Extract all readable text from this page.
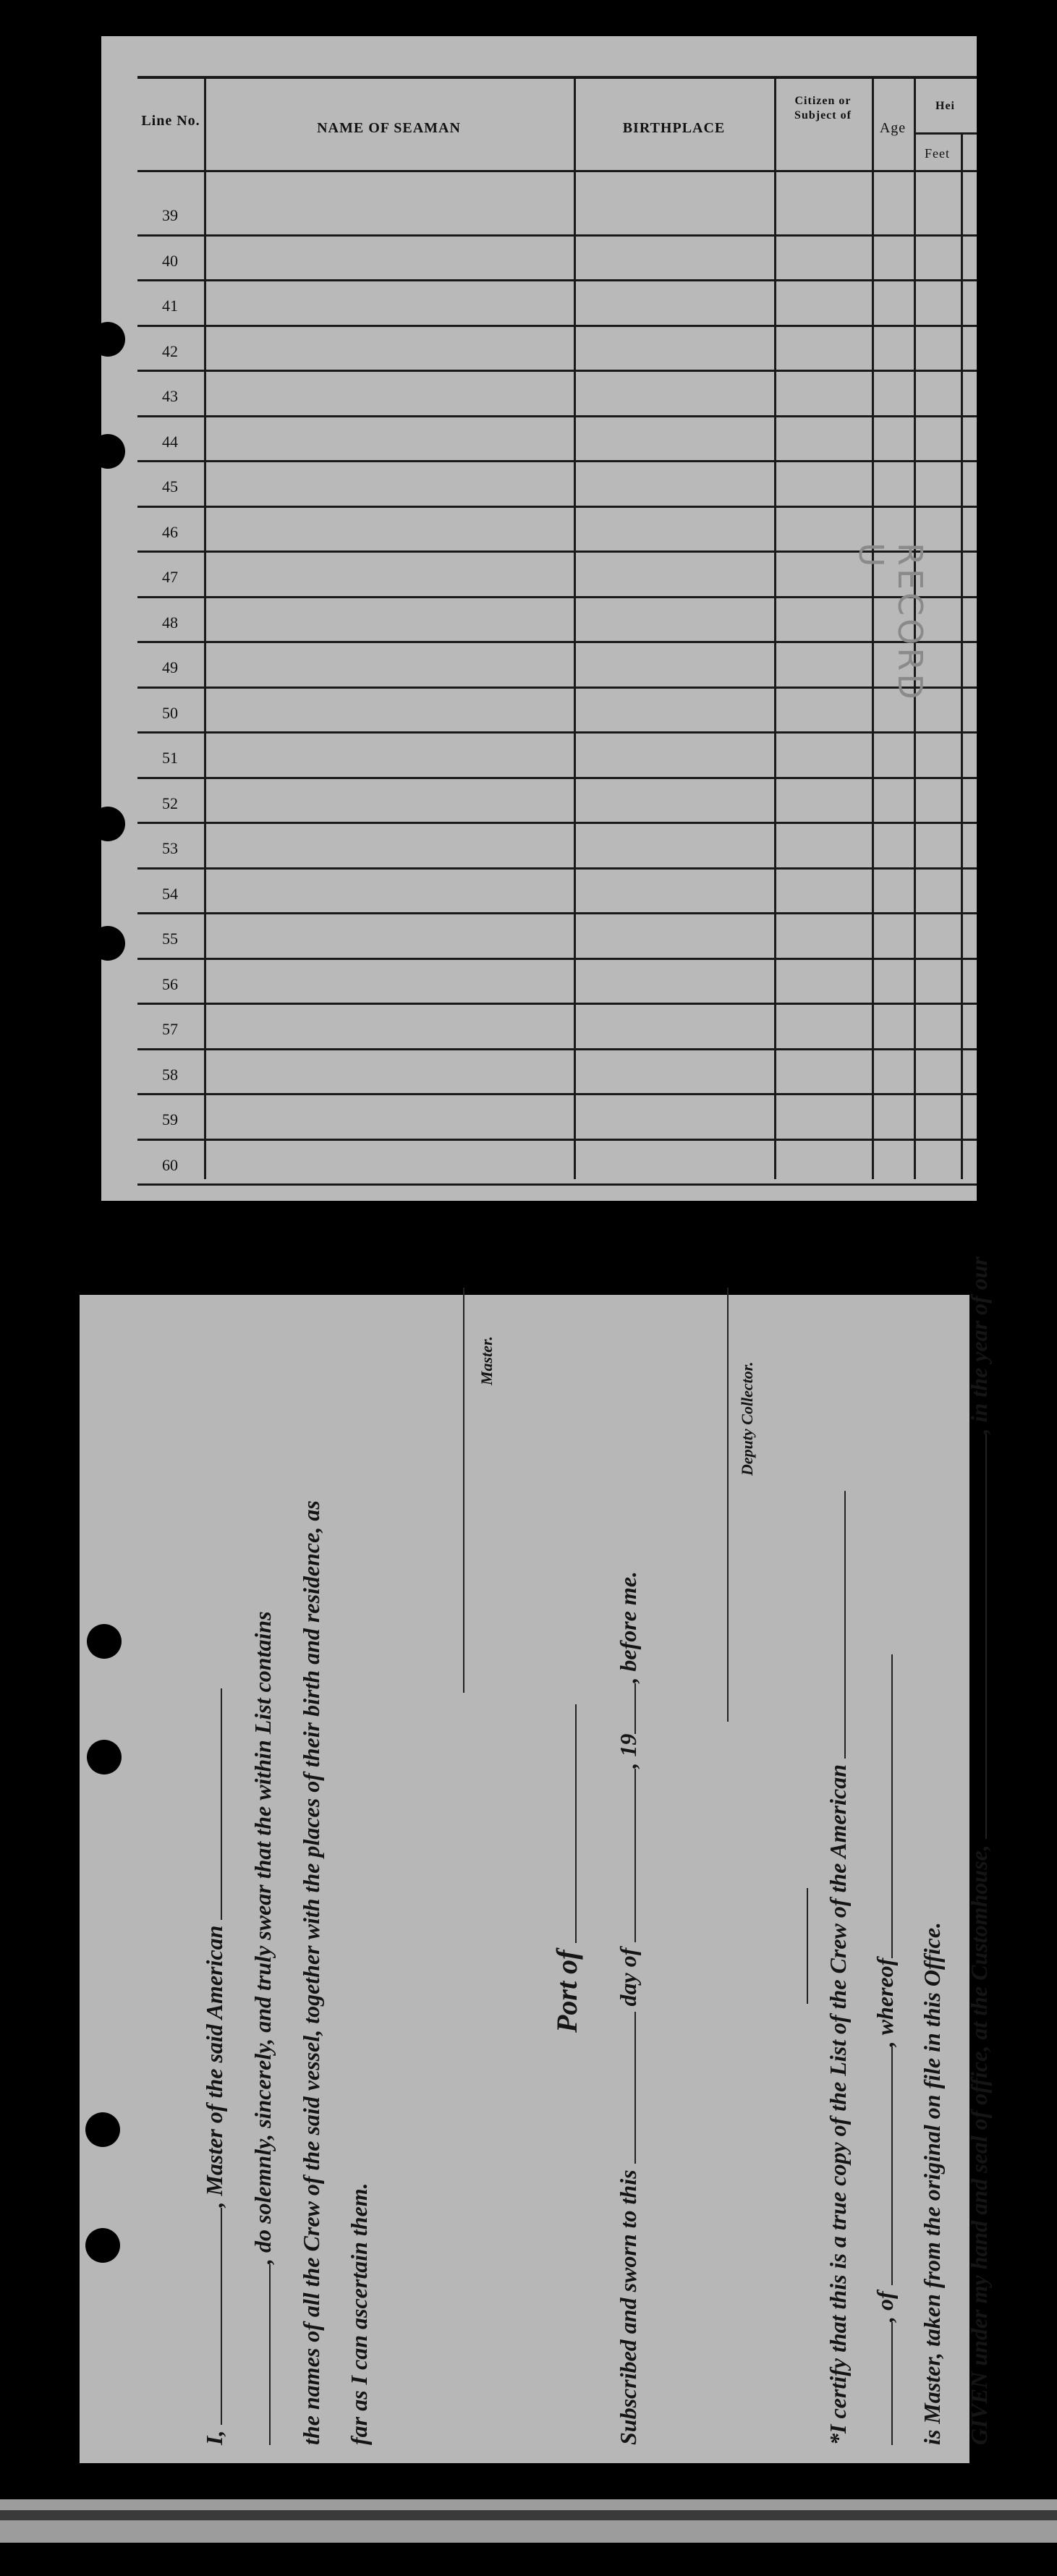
Line No.	NAME OF SEAMAN	BIRTHPLACE
Citizen or Subject of
Age
Hei
Feet
39
40
41
42
43
44
45
46
47
48
49
50
51
52
53
54
55
56
57
58
59
60
RECORD U
I, , Master of the said American , do solemnly, sincerely, and truly swear that the within List contains the names of all the Crew of the said vessel, together with the places of their birth and residence, as far as I can ascertain them.
Master.
Port of
Subscribed and sworn to this  day of , 19, before me.
Deputy Collector.
*I certify that this is a true copy of the List of the Crew of the American , of , whereof is Master, taken from the original on file in this Office. GIVEN under my hand and seal of office, at the Customhouse, , in the year of our
